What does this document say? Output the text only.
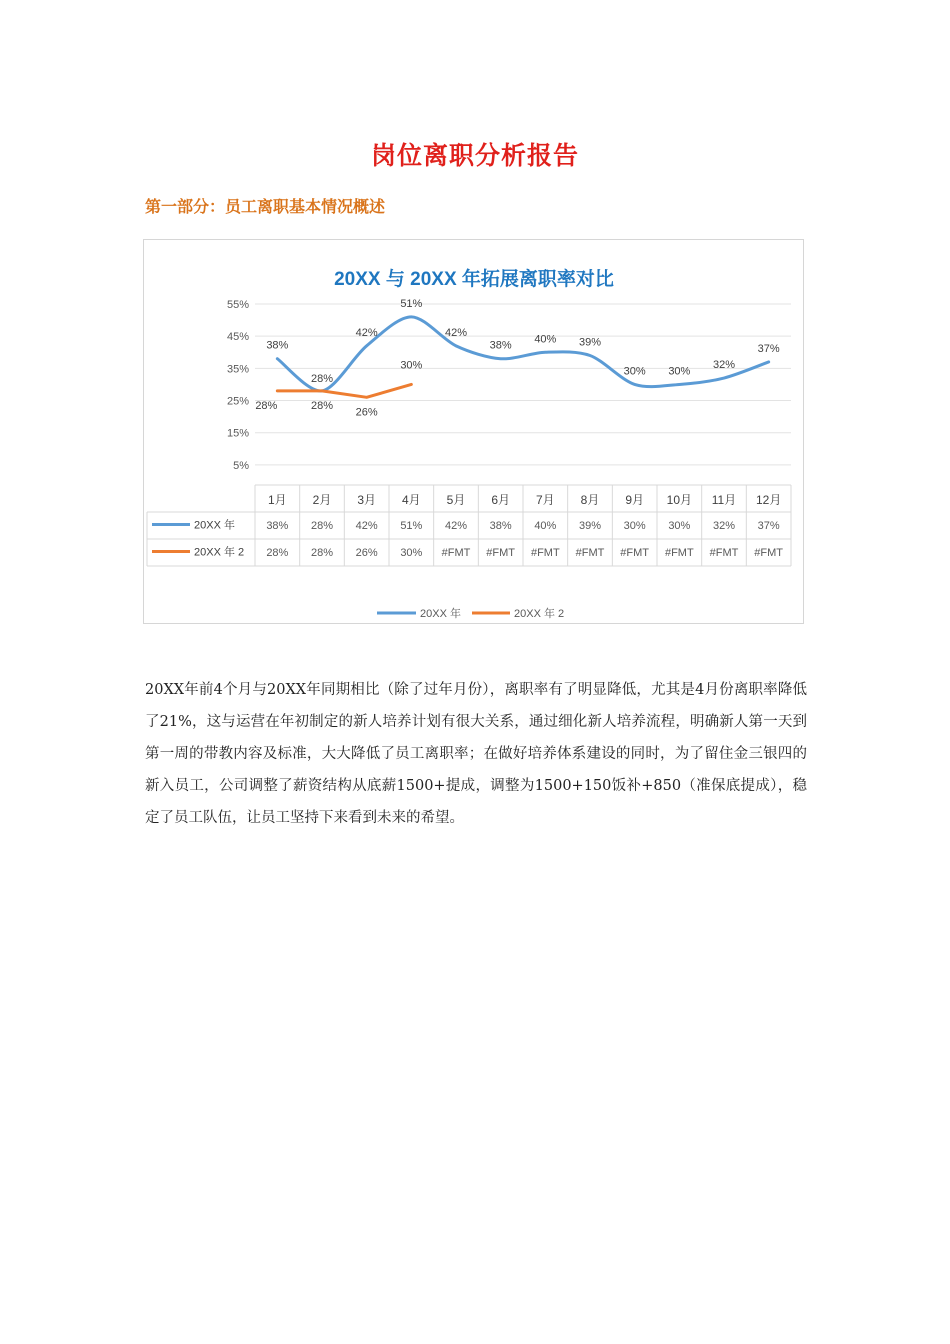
岗位离职分析报告
第一部分：员工离职基本情况概述
20XX 与 20XX 年拓展离职率对比
55%
45%
35%
25%
15%
5%
1月 2月 3月 4月 5月 6月 7月 8月 9月 10月 11月 12月
20XX 年	38% 28% 42% 51% 42% 38% 40% 39% 30% 30% 32% 37%
20XX 年 2 28% 28% 26% 30% #FMT #FMT #FMT #FMT #FMT #FMT #FMT #FMT
38%
28%
42%
51%
42%
38%
40% 39%
30% 30%
32%
37%
28%	28%
26%
30%
20XX 年	20XX 年 2
20XX年前4个月与20XX年同期相比（除了过年月份），离职率有了明显降低，尤其是4月份离职率降低了21%，这与运营在年初制定的新人培养计划有很大关系，通过细化新人培养流程，明确新人第一天到第一周的带教内容及标准，大大降低了员工离职率；在做好培养体系建设的同时，为了留住金三银四的新入员工，公司调整了薪资结构从底薪1500+提成，调整为1500+150饭补+850（准保底提成），稳定了员工队伍，让员工坚持下来看到未来的希望。
